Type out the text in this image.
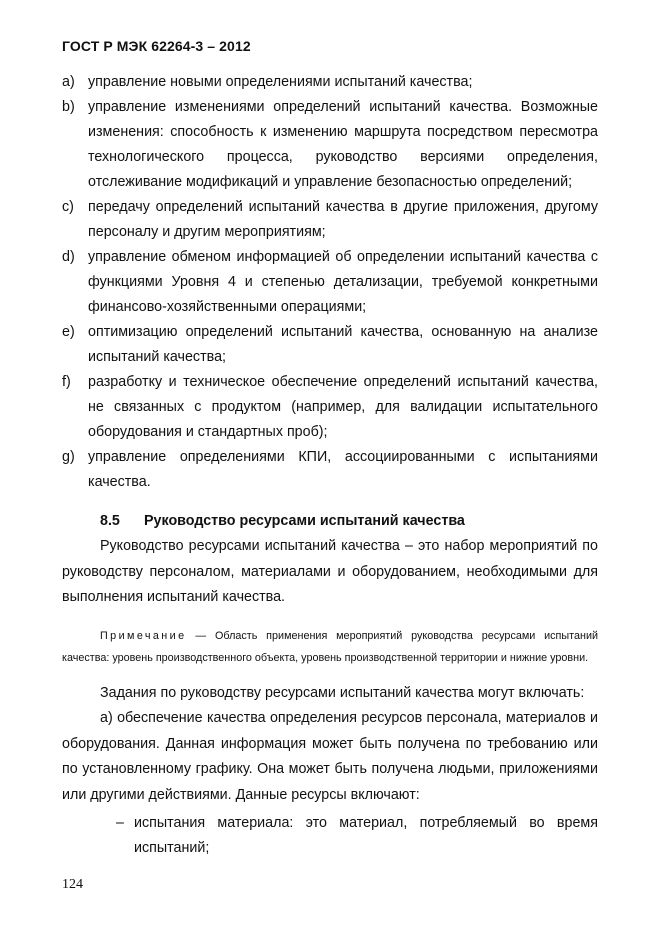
ГОСТ Р МЭК 62264-3 – 2012
a) управление новыми определениями испытаний качества;
b) управление изменениями определений испытаний качества. Возможные изменения: способность к изменению маршрута посредством пересмотра технологического процесса, руководство версиями определения, отслеживание модификаций и управление безопасностью определений;
c) передачу определений испытаний качества в другие приложения, другому персоналу и другим мероприятиям;
d) управление обменом информацией об определении испытаний качества с функциями Уровня 4 и степенью детализации, требуемой конкретными финансово-хозяйственными операциями;
e) оптимизацию определений испытаний качества, основанную на анализе испытаний качества;
f)	разработку и техническое обеспечение определений испытаний качества, не связанных с продуктом (например, для валидации испытательного оборудования и стандартных проб);
g) управление определениями КПИ, ассоциированными с испытаниями качества.
8.5 Руководство ресурсами испытаний качества
Руководство ресурсами испытаний качества – это набор мероприятий по руководству персоналом, материалами и оборудованием, необходимыми для выполнения испытаний качества.
Примечание — Область применения мероприятий руководства ресурсами испытаний качества: уровень производственного объекта, уровень производственной территории и нижние уровни.
Задания по руководству ресурсами испытаний качества могут включать:
а) обеспечение качества определения ресурсов персонала, материалов и оборудования. Данная информация может быть получена по требованию или по установленному графику. Она может быть получена людьми, приложениями или другими действиями. Данные ресурсы включают:
– испытания материала: это материал, потребляемый во время испытаний;
124
